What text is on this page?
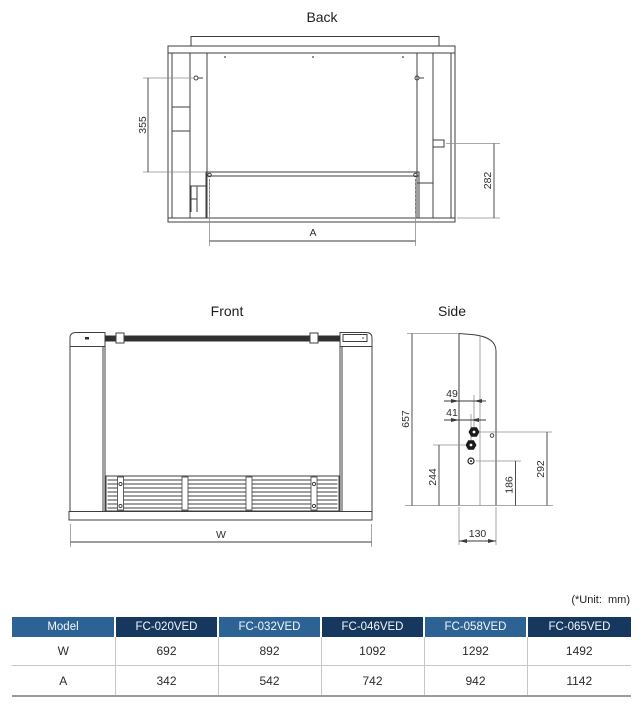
Back
355
282
A
Front
W
Side
657
49
41
244	186
292
130
(*Unit:  mm)
Model	FC-020VED	FC-032VED	FC-046VED	FC-058VED	FC-065VED
W	692	892	1092	1292	1492
A	342	542	742	942	1142
